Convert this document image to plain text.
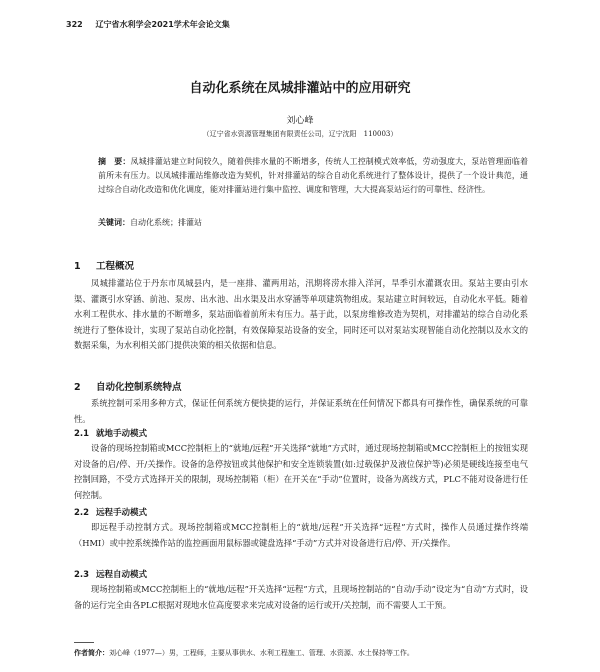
322 辽宁省水利学会2021学术年会论文集
自动化系统在凤城排灌站中的应用研究
刘心峰
（辽宁省水资源管理集团有限责任公司，辽宁沈阳　110003）
摘　要：凤城排灌站建立时间较久，随着供排水量的不断增多，传统人工控制模式效率低，劳动强度大，泵站管理面临着前所未有压力。以凤城排灌站维修改造为契机，针对排灌站的综合自动化系统进行了整体设计，提供了一个设计典范，通过综合自动化改造和优化调度，能对排灌站进行集中监控、调度和管理，大大提高泵站运行的可靠性、经济性。
关键词：自动化系统；排灌站
1 工程概况
凤城排灌站位于丹东市凤城县内，是一座排、灌两用站，汛期将涝水排入洋河，旱季引水灌溉农田。泵站主要由引水渠、灌溉引水穿涵、前池、泵房、出水池、出水渠及出水穿涵等单项建筑物组成。泵站建立时间较远，自动化水平低。随着水利工程供水、排水量的不断增多，泵站面临着前所未有压力。基于此，以泵房维修改造为契机，对排灌站的综合自动化系统进行了整体设计，实现了泵站自动化控制，有效保障泵站设备的安全，同时还可以对泵站实现智能自动化控制以及水文的数据采集，为水利相关部门提供决策的相关依据和信息。
2 自动化控制系统特点
系统控制可采用多种方式，保证任何系统方便快捷的运行，并保证系统在任何情况下都具有可操作性，确保系统的可靠性。
2.1 就地手动模式
设备的现场控制箱或MCC控制柜上的“就地/远程”开关选择“就地”方式时，通过现场控制箱或MCC控制柜上的按钮实现对设备的启/停、开/关操作。设备的急停按钮或其他保护和安全连锁装置(如:过载保护及液位保护等)必须是硬线连接至电气控制回路，不受方式选择开关的限制，现场控制箱（柜）在开关在“手动”位置时，设备为离线方式，PLC不能对设备进行任何控制。
2.2 远程手动模式
即远程手动控制方式。现场控制箱或MCC控制柜上的“就地/远程”开关选择“远程”方式时，操作人员通过操作终端（HMI）或中控系统操作站的监控画面用鼠标器或键盘选择“手动”方式并对设备进行启/停、开/关操作。
2.3 远程自动模式
现场控制箱或MCC控制柜上的“就地/远程”开关选择“远程”方式，且现场控制站的“自动/手动”设定为“自动”方式时，设备的运行完全由各PLC根据对现地水位高度要求来完成对设备的运行或开/关控制，而不需要人工干预。
作者简介：刘心峰（1977—）男，工程师，主要从事供水、水利工程施工、管理、水资源、水土保持等工作。
